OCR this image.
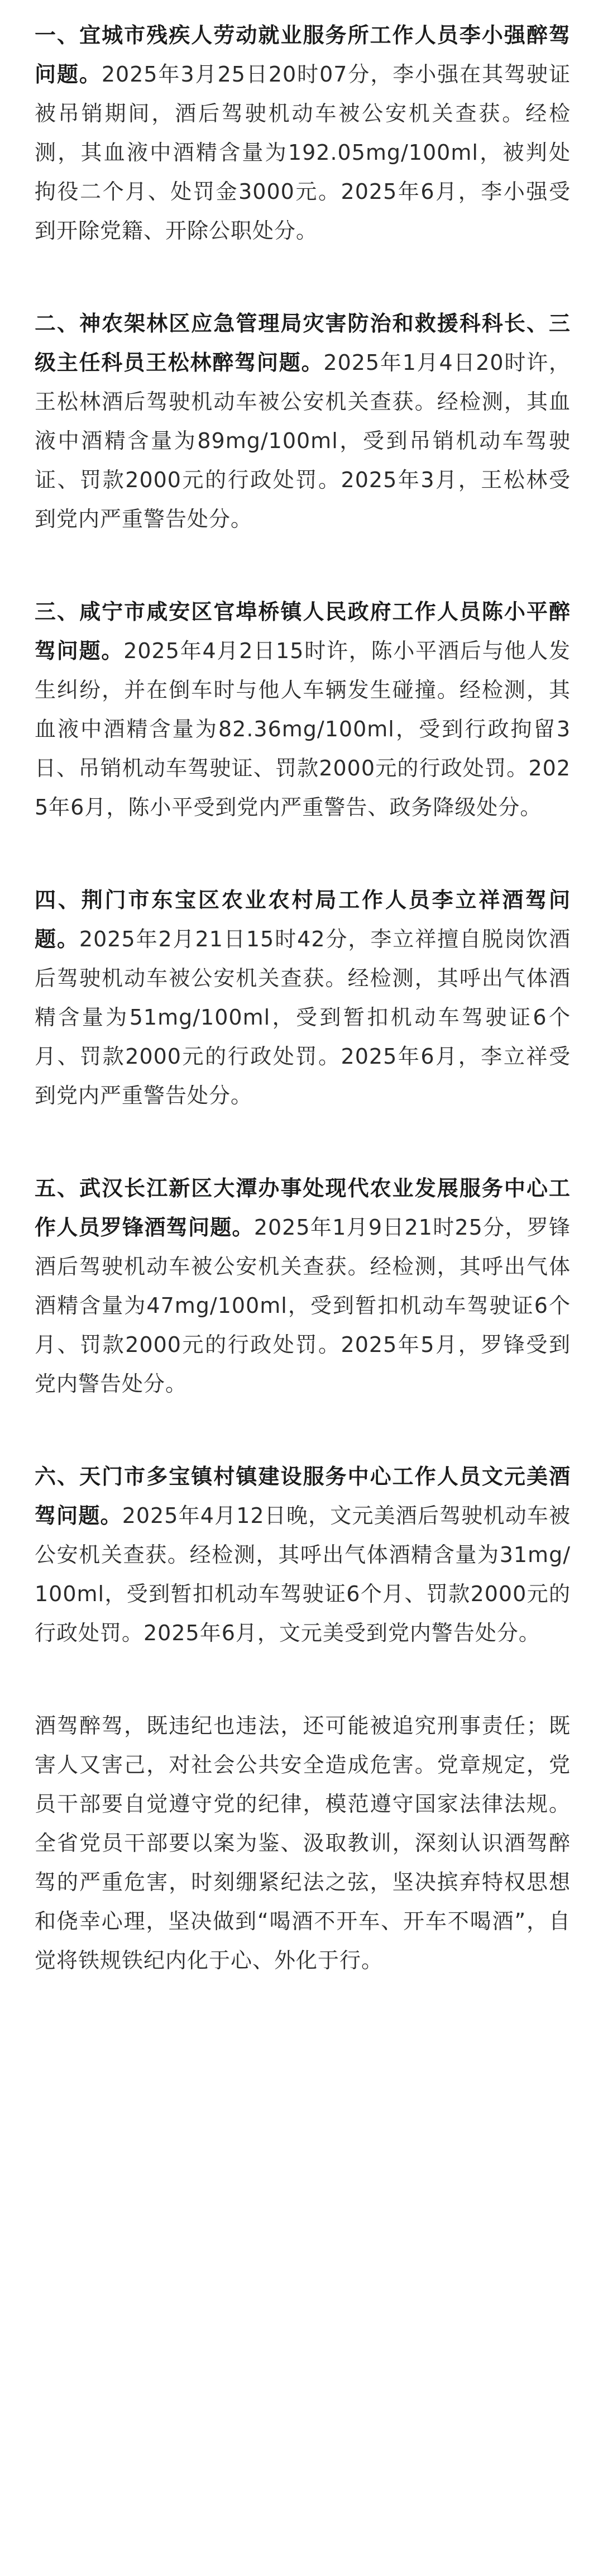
一、宜城市残疾人劳动就业服务所工作人员李小强醉驾问题。2025年3月25日20时07分，李小强在其驾驶证被吊销期间，酒后驾驶机动车被公安机关查获。经检测，其血液中酒精含量为192.05mg/100ml，被判处拘役二个月、处罚金3000元。2025年6月，李小强受到开除党籍、开除公职处分。

二、神农架林区应急管理局灾害防治和救援科科长、三级主任科员王松林醉驾问题。2025年1月4日20时许，王松林酒后驾驶机动车被公安机关查获。经检测，其血液中酒精含量为89mg/100ml，受到吊销机动车驾驶证、罚款2000元的行政处罚。2025年3月，王松林受到党内严重警告处分。

三、咸宁市咸安区官埠桥镇人民政府工作人员陈小平醉驾问题。2025年4月2日15时许，陈小平酒后与他人发生纠纷，并在倒车时与他人车辆发生碰撞。经检测，其血液中酒精含量为82.36mg/100ml，受到行政拘留3日、吊销机动车驾驶证、罚款2000元的行政处罚。2025年6月，陈小平受到党内严重警告、政务降级处分。

四、荆门市东宝区农业农村局工作人员李立祥酒驾问题。2025年2月21日15时42分，李立祥擅自脱岗饮酒后驾驶机动车被公安机关查获。经检测，其呼出气体酒精含量为51mg/100ml，受到暂扣机动车驾驶证6个月、罚款2000元的行政处罚。2025年6月，李立祥受到党内严重警告处分。

五、武汉长江新区大潭办事处现代农业发展服务中心工作人员罗锋酒驾问题。2025年1月9日21时25分，罗锋酒后驾驶机动车被公安机关查获。经检测，其呼出气体酒精含量为47mg/100ml，受到暂扣机动车驾驶证6个月、罚款2000元的行政处罚。2025年5月，罗锋受到党内警告处分。

六、天门市多宝镇村镇建设服务中心工作人员文元美酒驾问题。2025年4月12日晚，文元美酒后驾驶机动车被公安机关查获。经检测，其呼出气体酒精含量为31mg/100ml，受到暂扣机动车驾驶证6个月、罚款2000元的行政处罚。2025年6月，文元美受到党内警告处分。

酒驾醉驾，既违纪也违法，还可能被追究刑事责任；既害人又害己，对社会公共安全造成危害。党章规定，党员干部要自觉遵守党的纪律，模范遵守国家法律法规。全省党员干部要以案为鉴、汲取教训，深刻认识酒驾醉驾的严重危害，时刻绷紧纪法之弦，坚决摈弃特权思想和侥幸心理，坚决做到“喝酒不开车、开车不喝酒”，自觉将铁规铁纪内化于心、外化于行。
